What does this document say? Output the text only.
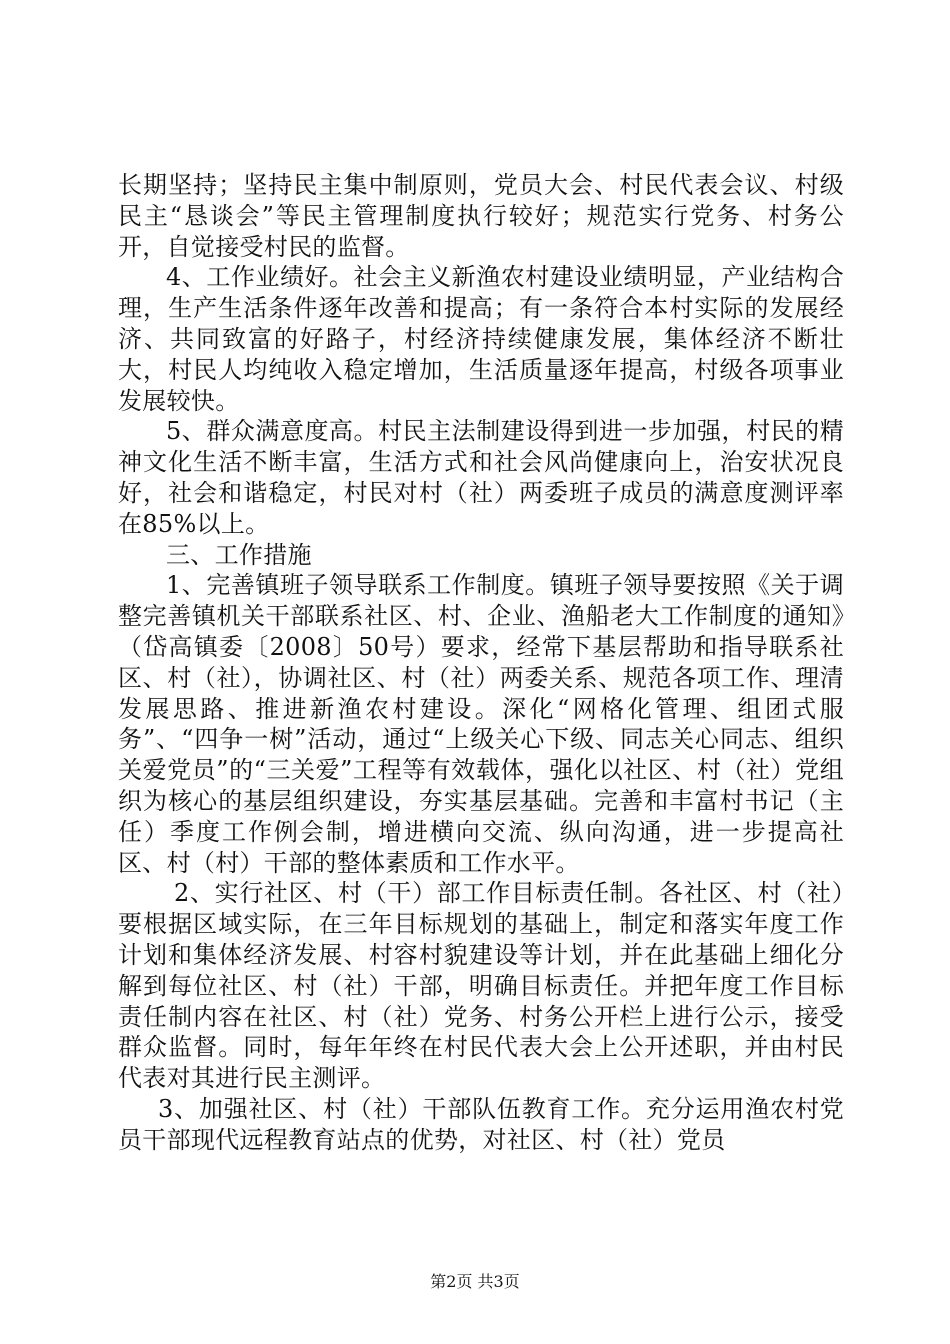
长期坚持；坚持民主集中制原则，党员大会、村民代表会议、村级民主“恳谈会”等民主管理制度执行较好；规范实行党务、村务公开，自觉接受村民的监督。

4、工作业绩好。社会主义新渔农村建设业绩明显，产业结构合理，生产生活条件逐年改善和提高；有一条符合本村实际的发展经济、共同致富的好路子，村经济持续健康发展，集体经济不断壮大，村民人均纯收入稳定增加，生活质量逐年提高，村级各项事业发展较快。

5、群众满意度高。村民主法制建设得到进一步加强，村民的精神文化生活不断丰富，生活方式和社会风尚健康向上，治安状况良好，社会和谐稳定，村民对村（社）两委班子成员的满意度测评率在85%以上。

三、工作措施

1、完善镇班子领导联系工作制度。镇班子领导要按照《关于调整完善镇机关干部联系社区、村、企业、渔船老大工作制度的通知》（岱高镇委〔2008〕50号）要求，经常下基层帮助和指导联系社区、村（社），协调社区、村（社）两委关系、规范各项工作、理清发展思路、推进新渔农村建设。深化“网格化管理、组团式服务”、“四争一树”活动，通过“上级关心下级、同志关心同志、组织关爱党员”的“三关爱”工程等有效载体，强化以社区、村（社）党组织为核心的基层组织建设，夯实基层基础。完善和丰富村书记（主任）季度工作例会制，增进横向交流、纵向沟通，进一步提高社区、村（村）干部的整体素质和工作水平。

2、实行社区、村（干）部工作目标责任制。各社区、村（社）要根据区域实际，在三年目标规划的基础上，制定和落实年度工作计划和集体经济发展、村容村貌建设等计划，并在此基础上细化分解到每位社区、村（社）干部，明确目标责任。并把年度工作目标责任制内容在社区、村（社）党务、村务公开栏上进行公示，接受群众监督。同时，每年年终在村民代表大会上公开述职，并由村民代表对其进行民主测评。

3、加强社区、村（社）干部队伍教育工作。充分运用渔农村党员干部现代远程教育站点的优势，对社区、村（社）党员

第2页 共3页
